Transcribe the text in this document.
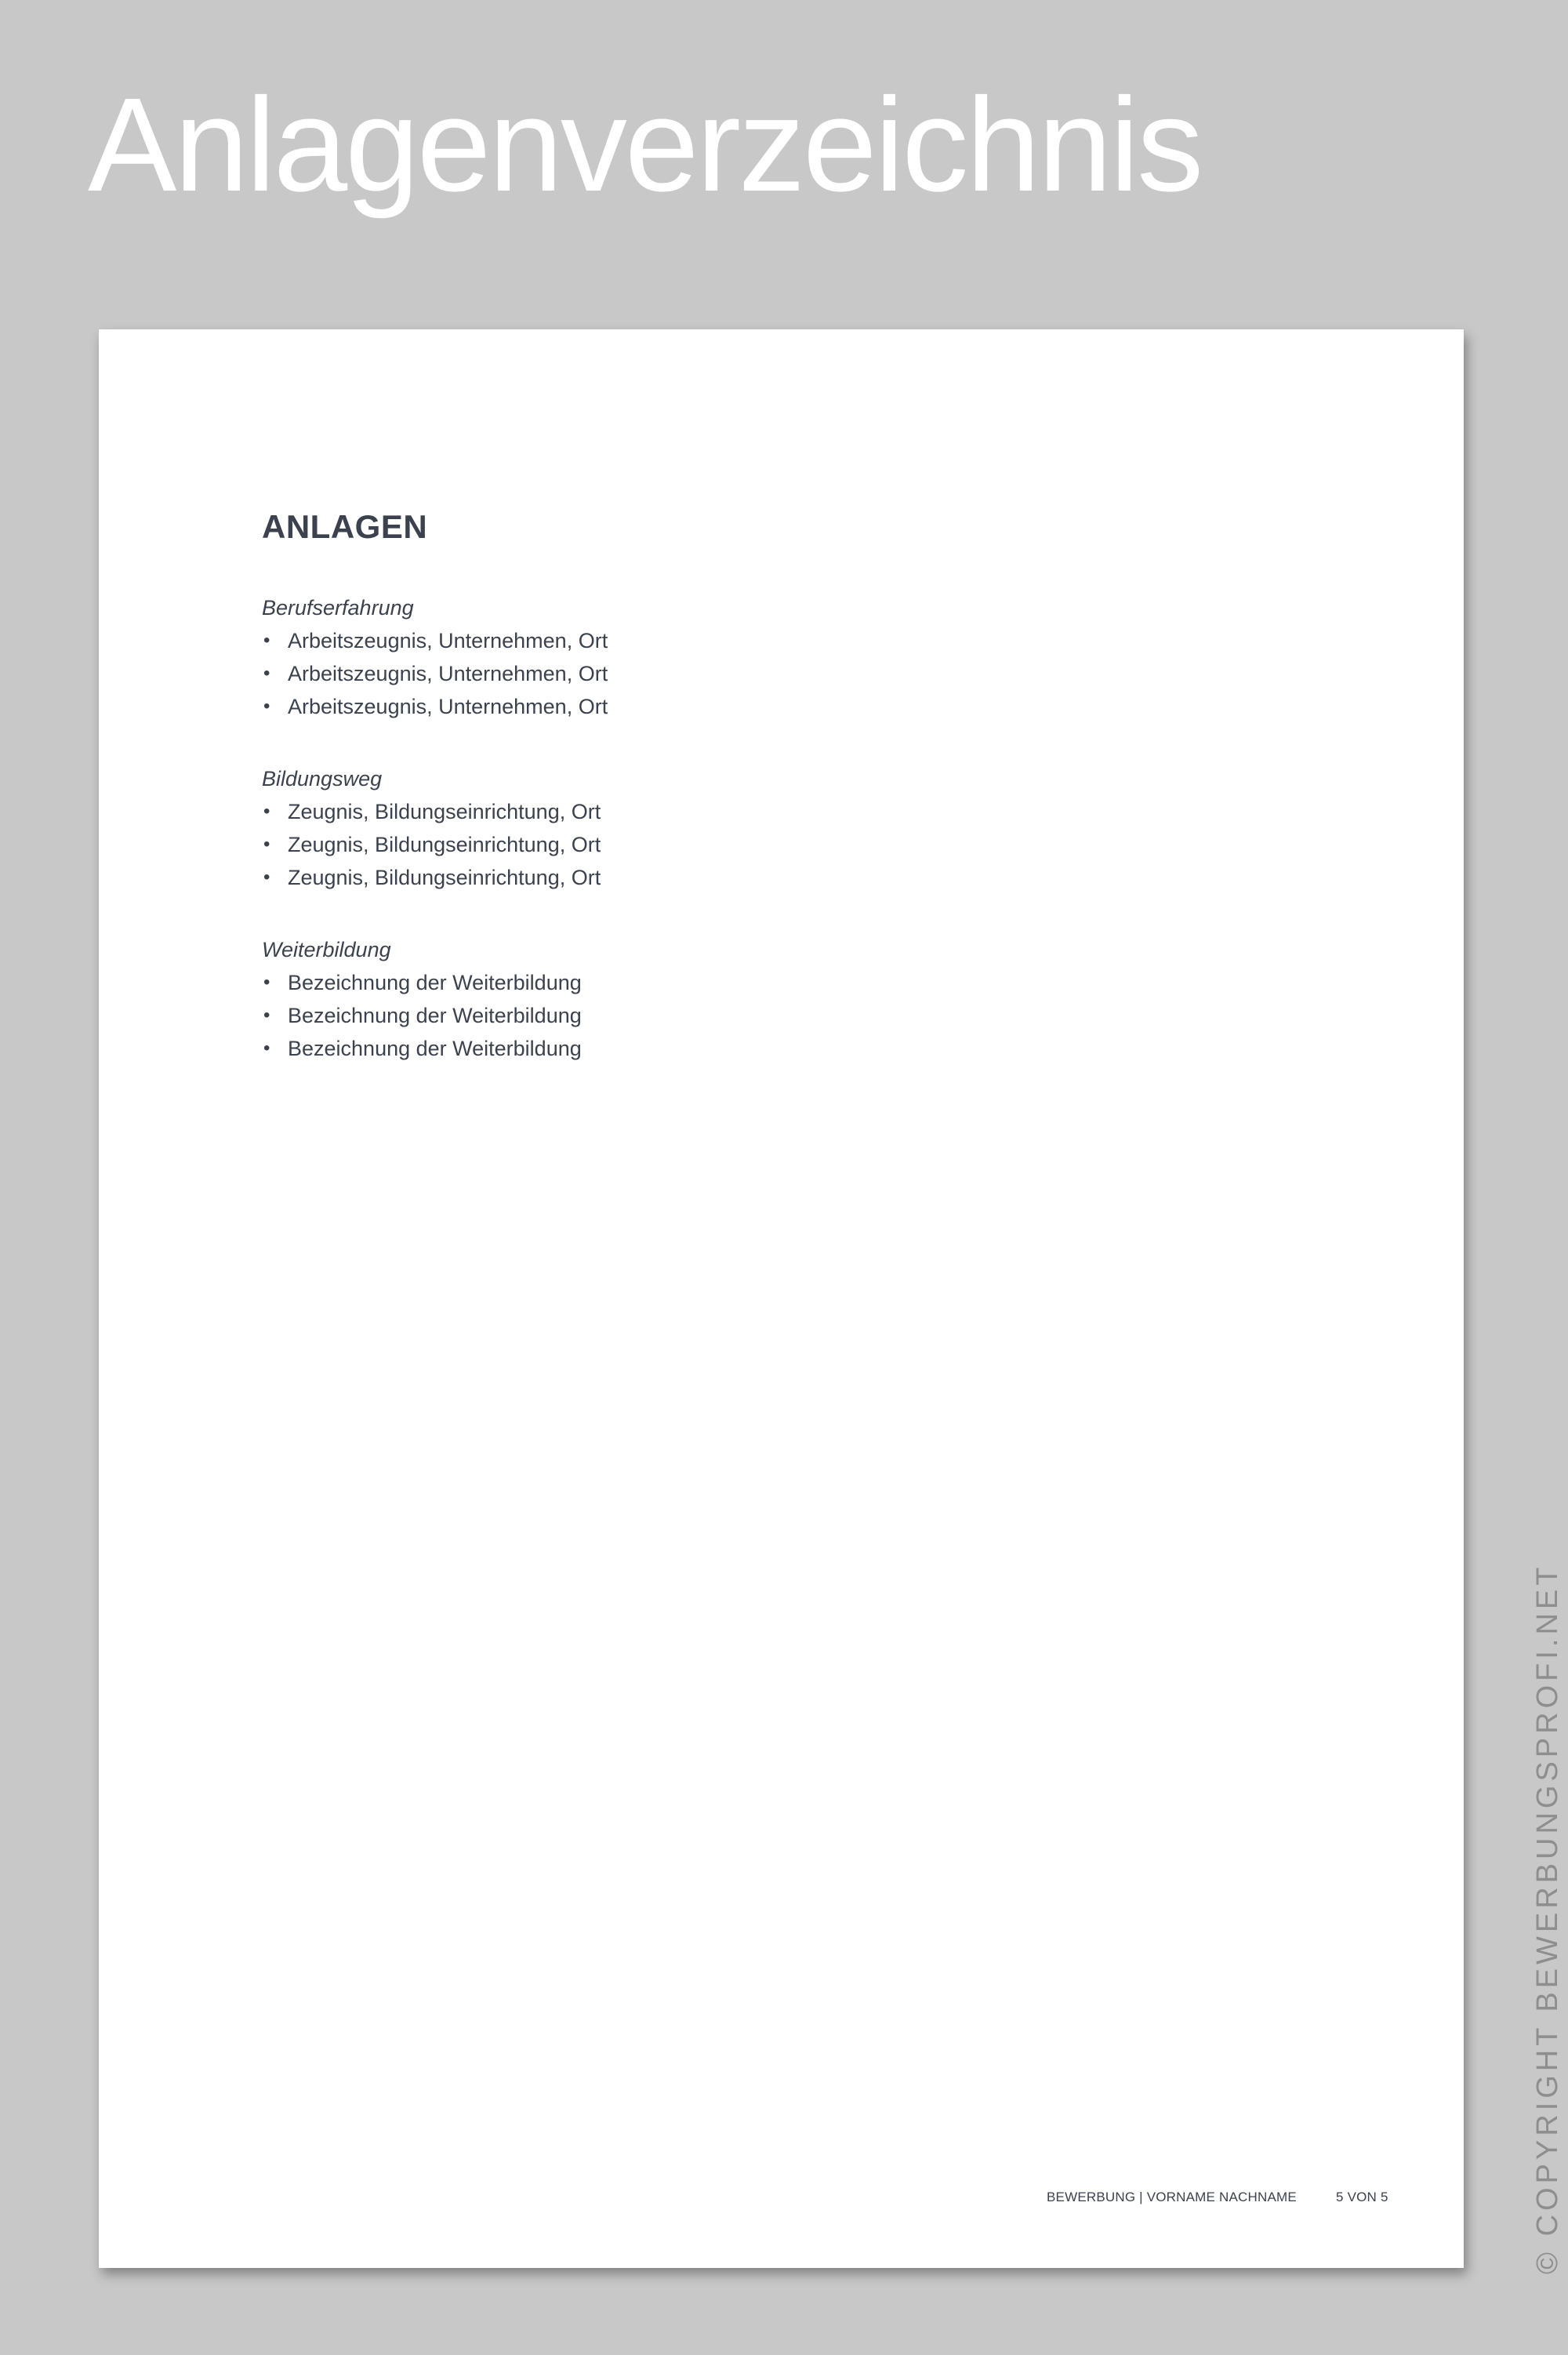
Anlagenverzeichnis
ANLAGEN
Berufserfahrung
• Arbeitszeugnis, Unternehmen, Ort
• Arbeitszeugnis, Unternehmen, Ort
• Arbeitszeugnis, Unternehmen, Ort
Bildungsweg
• Zeugnis, Bildungseinrichtung, Ort
• Zeugnis, Bildungseinrichtung, Ort
• Zeugnis, Bildungseinrichtung, Ort
Weiterbildung
• Bezeichnung der Weiterbildung
• Bezeichnung der Weiterbildung
• Bezeichnung der Weiterbildung
BEWERBUNG | VORNAME NACHNAME	5 VON 5	© COPYRIGHT BEWERBUNGSPROFI.NET
